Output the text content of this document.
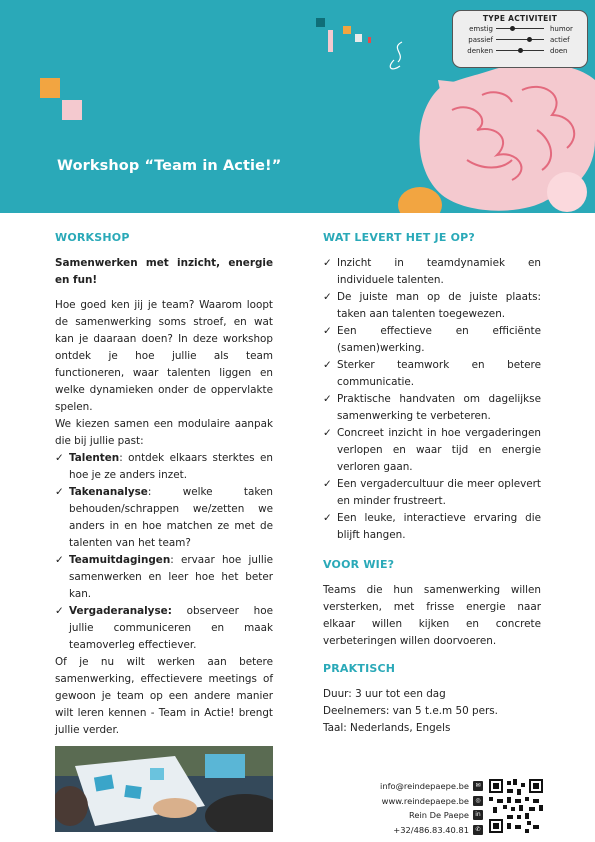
Workshop “Team in Actie!”
TYPE ACTIVITEIT
emstig	humor
passief	actief
denken	doen
WORKSHOP

Samenwerken met inzicht, energie en fun!

Hoe goed ken jij je team? Waarom loopt de samenwerking soms stroef, en wat kan je daaraan doen? In deze workshop ontdek je hoe jullie als team functioneren, waar talenten liggen en welke dynamieken onder de oppervlakte spelen.

We kiezen samen een modulaire aanpak die bij jullie past:

✓ Talenten: ontdek elkaars sterktes en hoe je ze anders inzet.
✓ Takenanalyse: welke taken behouden/schrappen we/zetten we anders in en hoe matchen ze met de talenten van het team?
✓ Teamuitdagingen: ervaar hoe jullie samenwerken en leer hoe het beter kan.
✓ Vergaderanalyse: observeer hoe jullie communiceren en maak teamoverleg effectiever.

Of je nu wilt werken aan betere samenwerking, effectievere meetings of gewoon je team op een andere manier wilt leren kennen - Team in Actie! brengt jullie verder.

WAT LEVERT HET JE OP?
✓ Inzicht in teamdynamiek en individuele talenten.
✓ De juiste man op de juiste plaats: taken aan talenten toegewezen.
✓ Een effectieve en efficiënte (samen)werking.
✓ Sterker teamwork en betere communicatie.
✓ Praktische handvaten om dagelijkse samenwerking te verbeteren.
✓ Concreet inzicht in hoe vergaderingen verlopen en waar tijd en energie verloren gaan.
✓ Een vergadercultuur die meer oplevert en minder frustreert.
✓ Een leuke, interactieve ervaring die blijft hangen.
VOOR WIE?

Teams die hun samenwerking willen versterken, met frisse energie naar elkaar willen kijken en concrete verbeteringen willen doorvoeren.

PRAKTISCH

Duur: 3 uur tot een dag

Deelnemers: van 5 t.e.m 50 pers.

Taal: Nederlands, Engels

info@reindepaepe.be	✉
www.reindepaepe.be	◎
Rein De Paepe	in
+32/486.83.40.81	✆
